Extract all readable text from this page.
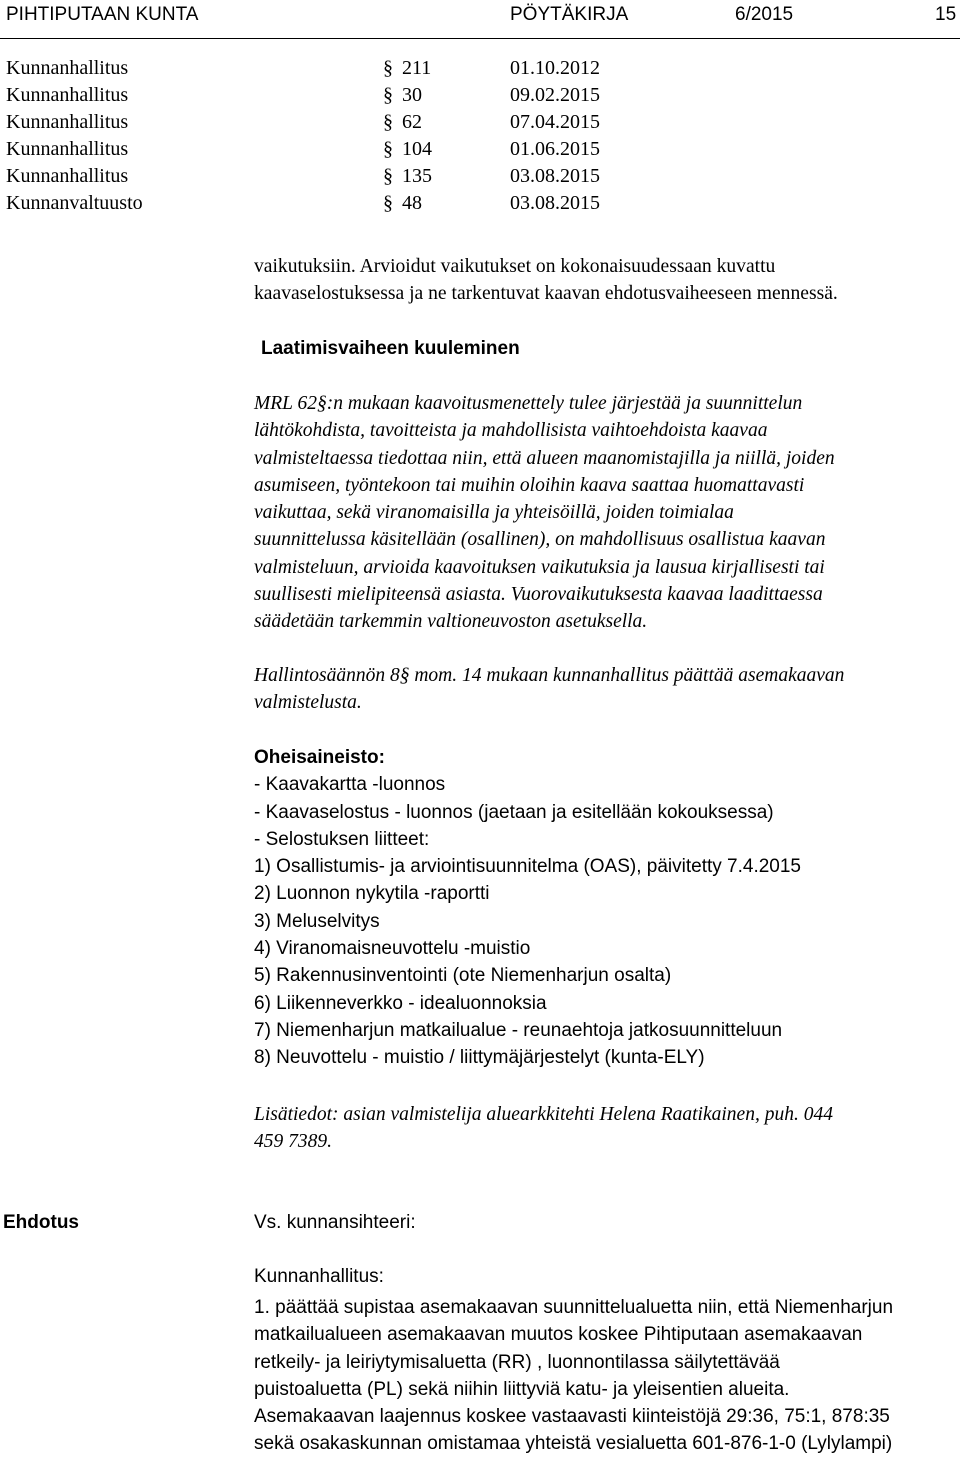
PIHTIPUTAAN KUNTA	PÖYTÄKIRJA	6/2015	15
Kunnanhallitus	§ 211	01.10.2012
Kunnanhallitus	§ 30	09.02.2015
Kunnanhallitus	§ 62	07.04.2015
Kunnanhallitus	§ 104	01.06.2015
Kunnanhallitus	§ 135	03.08.2015
Kunnanvaltuusto	§ 48	03.08.2015
vaikutuksiin. Arvioidut vaikutukset on kokonaisuudessaan kuvattu
kaavaselostuksessa ja ne tarkentuvat kaavan ehdotusvaiheeseen mennessä.
Laatimisvaiheen kuuleminen
MRL 62§:n mukaan kaavoitusmenettely tulee järjestää ja suunnittelun
lähtökohdista, tavoitteista ja mahdollisista vaihtoehdoista kaavaa
valmisteltaessa tiedottaa niin, että alueen maanomistajilla ja niillä, joiden
asumiseen, työntekoon tai muihin oloihin kaava saattaa huomattavasti
vaikuttaa, sekä viranomaisilla ja yhteisöillä, joiden toimialaa
suunnittelussa käsitellään (osallinen), on mahdollisuus osallistua kaavan
valmisteluun, arvioida kaavoituksen vaikutuksia ja lausua kirjallisesti tai
suullisesti mielipiteensä asiasta. Vuorovaikutuksesta kaavaa laadittaessa
säädetään tarkemmin valtioneuvoston asetuksella.
Hallintosäännön 8§ mom. 14 mukaan kunnanhallitus päättää asemakaavan
valmistelusta.
Oheisaineisto:
- Kaavakartta -luonnos
- Kaavaselostus - luonnos (jaetaan ja esitellään kokouksessa)
- Selostuksen liitteet:
1) Osallistumis- ja arviointisuunnitelma (OAS), päivitetty 7.4.2015
2) Luonnon nykytila -raportti
3) Meluselvitys
4) Viranomaisneuvottelu -muistio
5) Rakennusinventointi (ote Niemenharjun osalta)
6) Liikenneverkko - idealuonnoksia
7) Niemenharjun matkailualue - reunaehtoja jatkosuunnitteluun
8) Neuvottelu - muistio / liittymäjärjestelyt (kunta-ELY)
Lisätiedot: asian valmistelija aluearkkitehti Helena Raatikainen, puh. 044
459 7389.
Ehdotus	Vs. kunnansihteeri:
Kunnanhallitus:
1. päättää supistaa asemakaavan suunnittelualuetta niin, että Niemenharjun
matkailualueen asemakaavan muutos koskee Pihtiputaan asemakaavan
retkeily- ja leiriytymisaluetta (RR) , luonnontilassa säilytettävää
puistoaluetta (PL) sekä niihin liittyviä katu- ja yleisentien alueita.
Asemakaavan laajennus koskee vastaavasti kiinteistöjä 29:36, 75:1, 878:35
sekä osakaskunnan omistamaa yhteistä vesialuetta 601-876-1-0 (Lylylampi)
